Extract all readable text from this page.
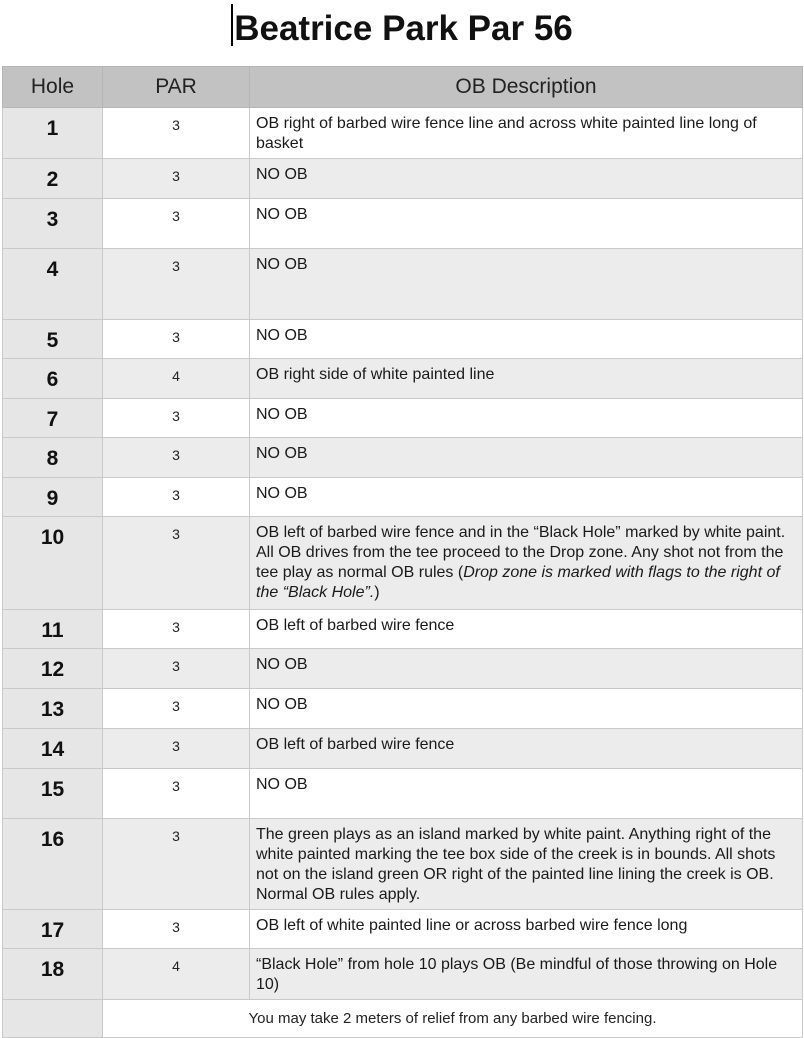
Beatrice Park Par 56
Hole	PAR	OB Description
1	3	OB right of barbed wire fence line and across white painted line long of basket
2	3	NO OB
3	3	NO OB
4	3	NO OB
5	3	NO OB
6	4	OB right side of white painted line
7	3	NO OB
8	3	NO OB
9	3	NO OB
10	3	OB left of barbed wire fence and in the “Black Hole” marked by white paint. All OB drives from the tee proceed to the Drop zone. Any shot not from the tee play as normal OB rules (Drop zone is marked with flags to the right of the “Black Hole”.)
11	3	OB left of barbed wire fence
12	3	NO OB
13	3	NO OB
14	3	OB left of barbed wire fence
15	3	NO OB
16	3	The green plays as an island marked by white paint. Anything right of the white painted marking the tee box side of the creek is in bounds. All shots not on the island green OR right of the painted line lining the creek is OB. Normal OB rules apply.
17	3	OB left of white painted line or across barbed wire fence long
18	4	“Black Hole” from hole 10 plays OB (Be mindful of those throwing on Hole 10)
	You may take 2 meters of relief from any barbed wire fencing.	
